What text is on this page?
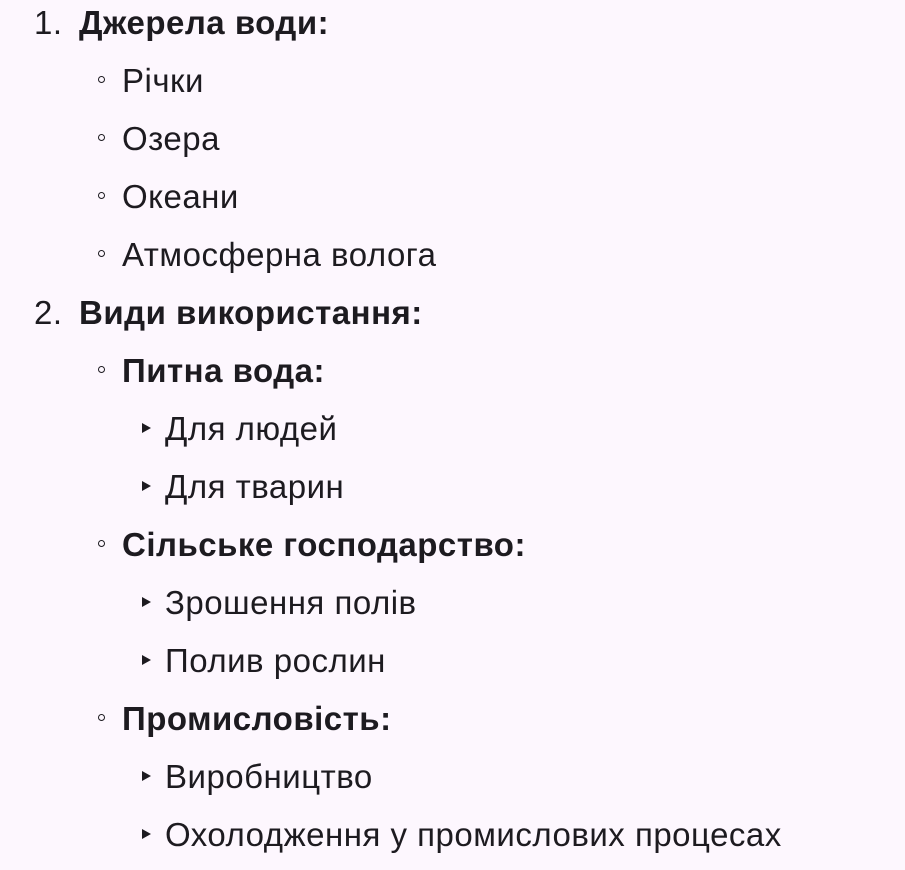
1. Джерела води:
Річки
Озера
Океани
Атмосферна волога
2. Види використання:
Питна вода:
Для людей
Для тварин
Сільське господарство:
Зрошення полів
Полив рослин
Промисловість:
Виробництво
Охолодження у промислових процесах
